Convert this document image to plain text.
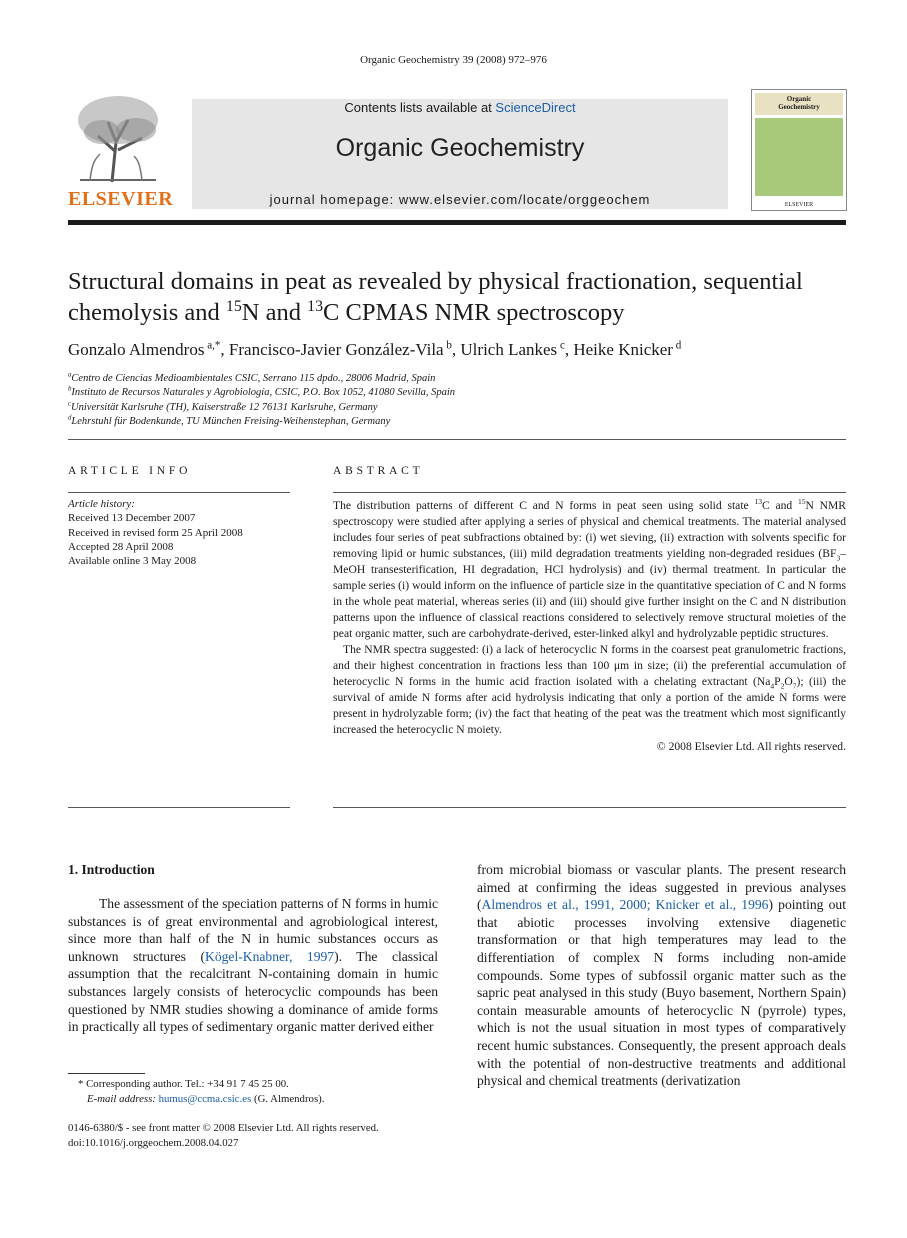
Organic Geochemistry 39 (2008) 972–976
ELSEVIER
Contents lists available at ScienceDirect
Organic Geochemistry
journal homepage: www.elsevier.com/locate/orggeochem
Organic
Geochemistry
ELSEVIER
Structural domains in peat as revealed by physical fractionation, sequential chemolysis and $^{15}$N and $^{13}$C CPMAS NMR spectroscopy
Gonzalo Almendros $^{a,*}$, Francisco-Javier González-Vila $^b$, Ulrich Lankes $^c$, Heike Knicker $^d$
$^a$Centro de Ciencias Medioambientales CSIC, Serrano 115 dpdo., 28006 Madrid, Spain
$^b$Instituto de Recursos Naturales y Agrobiología, CSIC, P.O. Box 1052, 41080 Sevilla, Spain
$^c$Universität Karlsruhe (TH), Kaiserstraße 12 76131 Karlsruhe, Germany
$^d$Lehrstuhl für Bodenkunde, TU München Freising-Weihenstephan, Germany
ARTICLE INFO	ABSTRACT
Article history:
Received 13 December 2007
Received in revised form 25 April 2008
Accepted 28 April 2008
Available online 3 May 2008

The distribution patterns of different C and N forms in peat seen using solid state $^{13}$C and $^{15}$N NMR spectroscopy were studied after applying a series of physical and chemical treatments. The material analysed includes four series of peat subfractions obtained by: (i) wet sieving, (ii) extraction with solvents specific for removing lipid or humic substances, (iii) mild degradation treatments yielding non-degraded residues ($BF_3$–MeOH transesterification, HI degradation, HCl hydrolysis) and (iv) thermal treatment. In particular the sample series (i) would inform on the influence of particle size in the quantitative speciation of C and N forms in the whole peat material, whereas series (ii) and (iii) should give further insight on the C and N distribution patterns upon the influence of classical reactions considered to selectively remove structural moieties of the peat organic matter, such are carbohydrate-derived, ester-linked alkyl and hydrolyzable peptidic structures.

The NMR spectra suggested: (i) a lack of heterocyclic N forms in the coarsest peat granulometric fractions, and their highest concentration in fractions less than 100 μm in size; (ii) the preferential accumulation of heterocyclic N forms in the humic acid fraction isolated with a chelating extractant $(Na_4P_2O_7)$; (iii) the survival of amide N forms after acid hydrolysis indicating that only a portion of the amide N forms were present in hydrolyzable form; (iv) the fact that heating of the peat was the treatment which most significantly increased the heterocyclic N moiety.

© 2008 Elsevier Ltd. All rights reserved.
1. Introduction

The assessment of the speciation patterns of N forms in humic substances is of great environmental and agrobiological interest, since more than half of the N in humic substances occurs as unknown structures (Kögel-Knabner, 1997). The classical assumption that the recalcitrant N-containing domain in humic substances largely consists of heterocyclic compounds has been questioned by NMR studies showing a dominance of amide forms in practically all types of sedimentary organic matter derived either

from microbial biomass or vascular plants. The present research aimed at confirming the ideas suggested in previous analyses (Almendros et al., 1991, 2000; Knicker et al., 1996) pointing out that abiotic processes involving extensive diagenetic transformation or that high temperatures may lead to the differentiation of complex N forms including non-amide compounds. Some types of subfossil organic matter such as the sapric peat analysed in this study (Buyo basement, Northern Spain) contain measurable amounts of heterocyclic N (pyrrole) types, which is not the usual situation in most types of comparatively recent humic substances. Consequently, the present approach deals with the potential of non-destructive treatments and additional physical and chemical treatments (derivatization

* Corresponding author. Tel.: +34 91 7 45 25 00.
E-mail address: humus@ccma.csic.es (G. Almendros).
0146-6380/$ - see front matter © 2008 Elsevier Ltd. All rights reserved.
doi:10.1016/j.orggeochem.2008.04.027
